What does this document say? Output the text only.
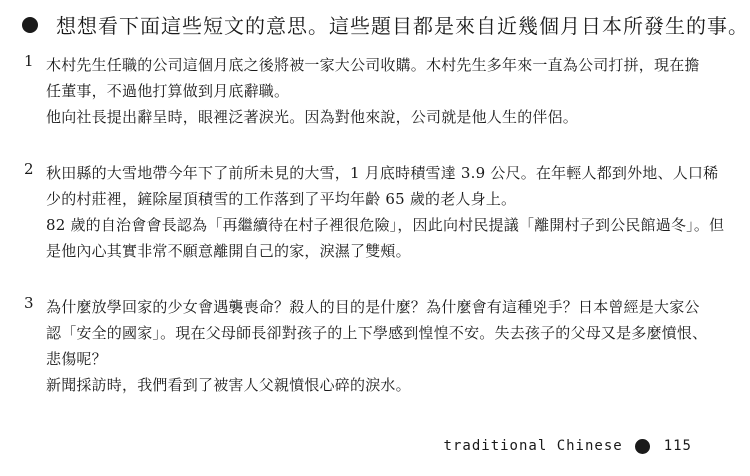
想想看下面這些短文的意思。這些題目都是來自近幾個月日本所發生的事。
1 木村先生任職的公司這個月底之後將被一家大公司收購。木村先生多年來一直為公司打拼，現在擔
任董事，不過他打算做到月底辭職。
他向社長提出辭呈時，眼裡泛著淚光。因為對他來說，公司就是他人生的伴侶。
2 秋田縣的大雪地帶今年下了前所未見的大雪，1 月底時積雪達 3.9 公尺。在年輕人都到外地、人口稀
少的村莊裡，鏟除屋頂積雪的工作落到了平均年齡 65 歲的老人身上。
82 歲的自治會會長認為「再繼續待在村子裡很危險」，因此向村民提議「離開村子到公民館過冬」。但
是他內心其實非常不願意離開自己的家，淚濕了雙頰。
3 為什麼放學回家的少女會遇襲喪命？殺人的目的是什麼？為什麼會有這種兇手？日本曾經是大家公
認「安全的國家」。現在父母師長卻對孩子的上下學感到惶惶不安。失去孩子的父母又是多麼憤恨、
悲傷呢？
新聞採訪時，我們看到了被害人父親憤恨心碎的淚水。
traditional Chinese	115
